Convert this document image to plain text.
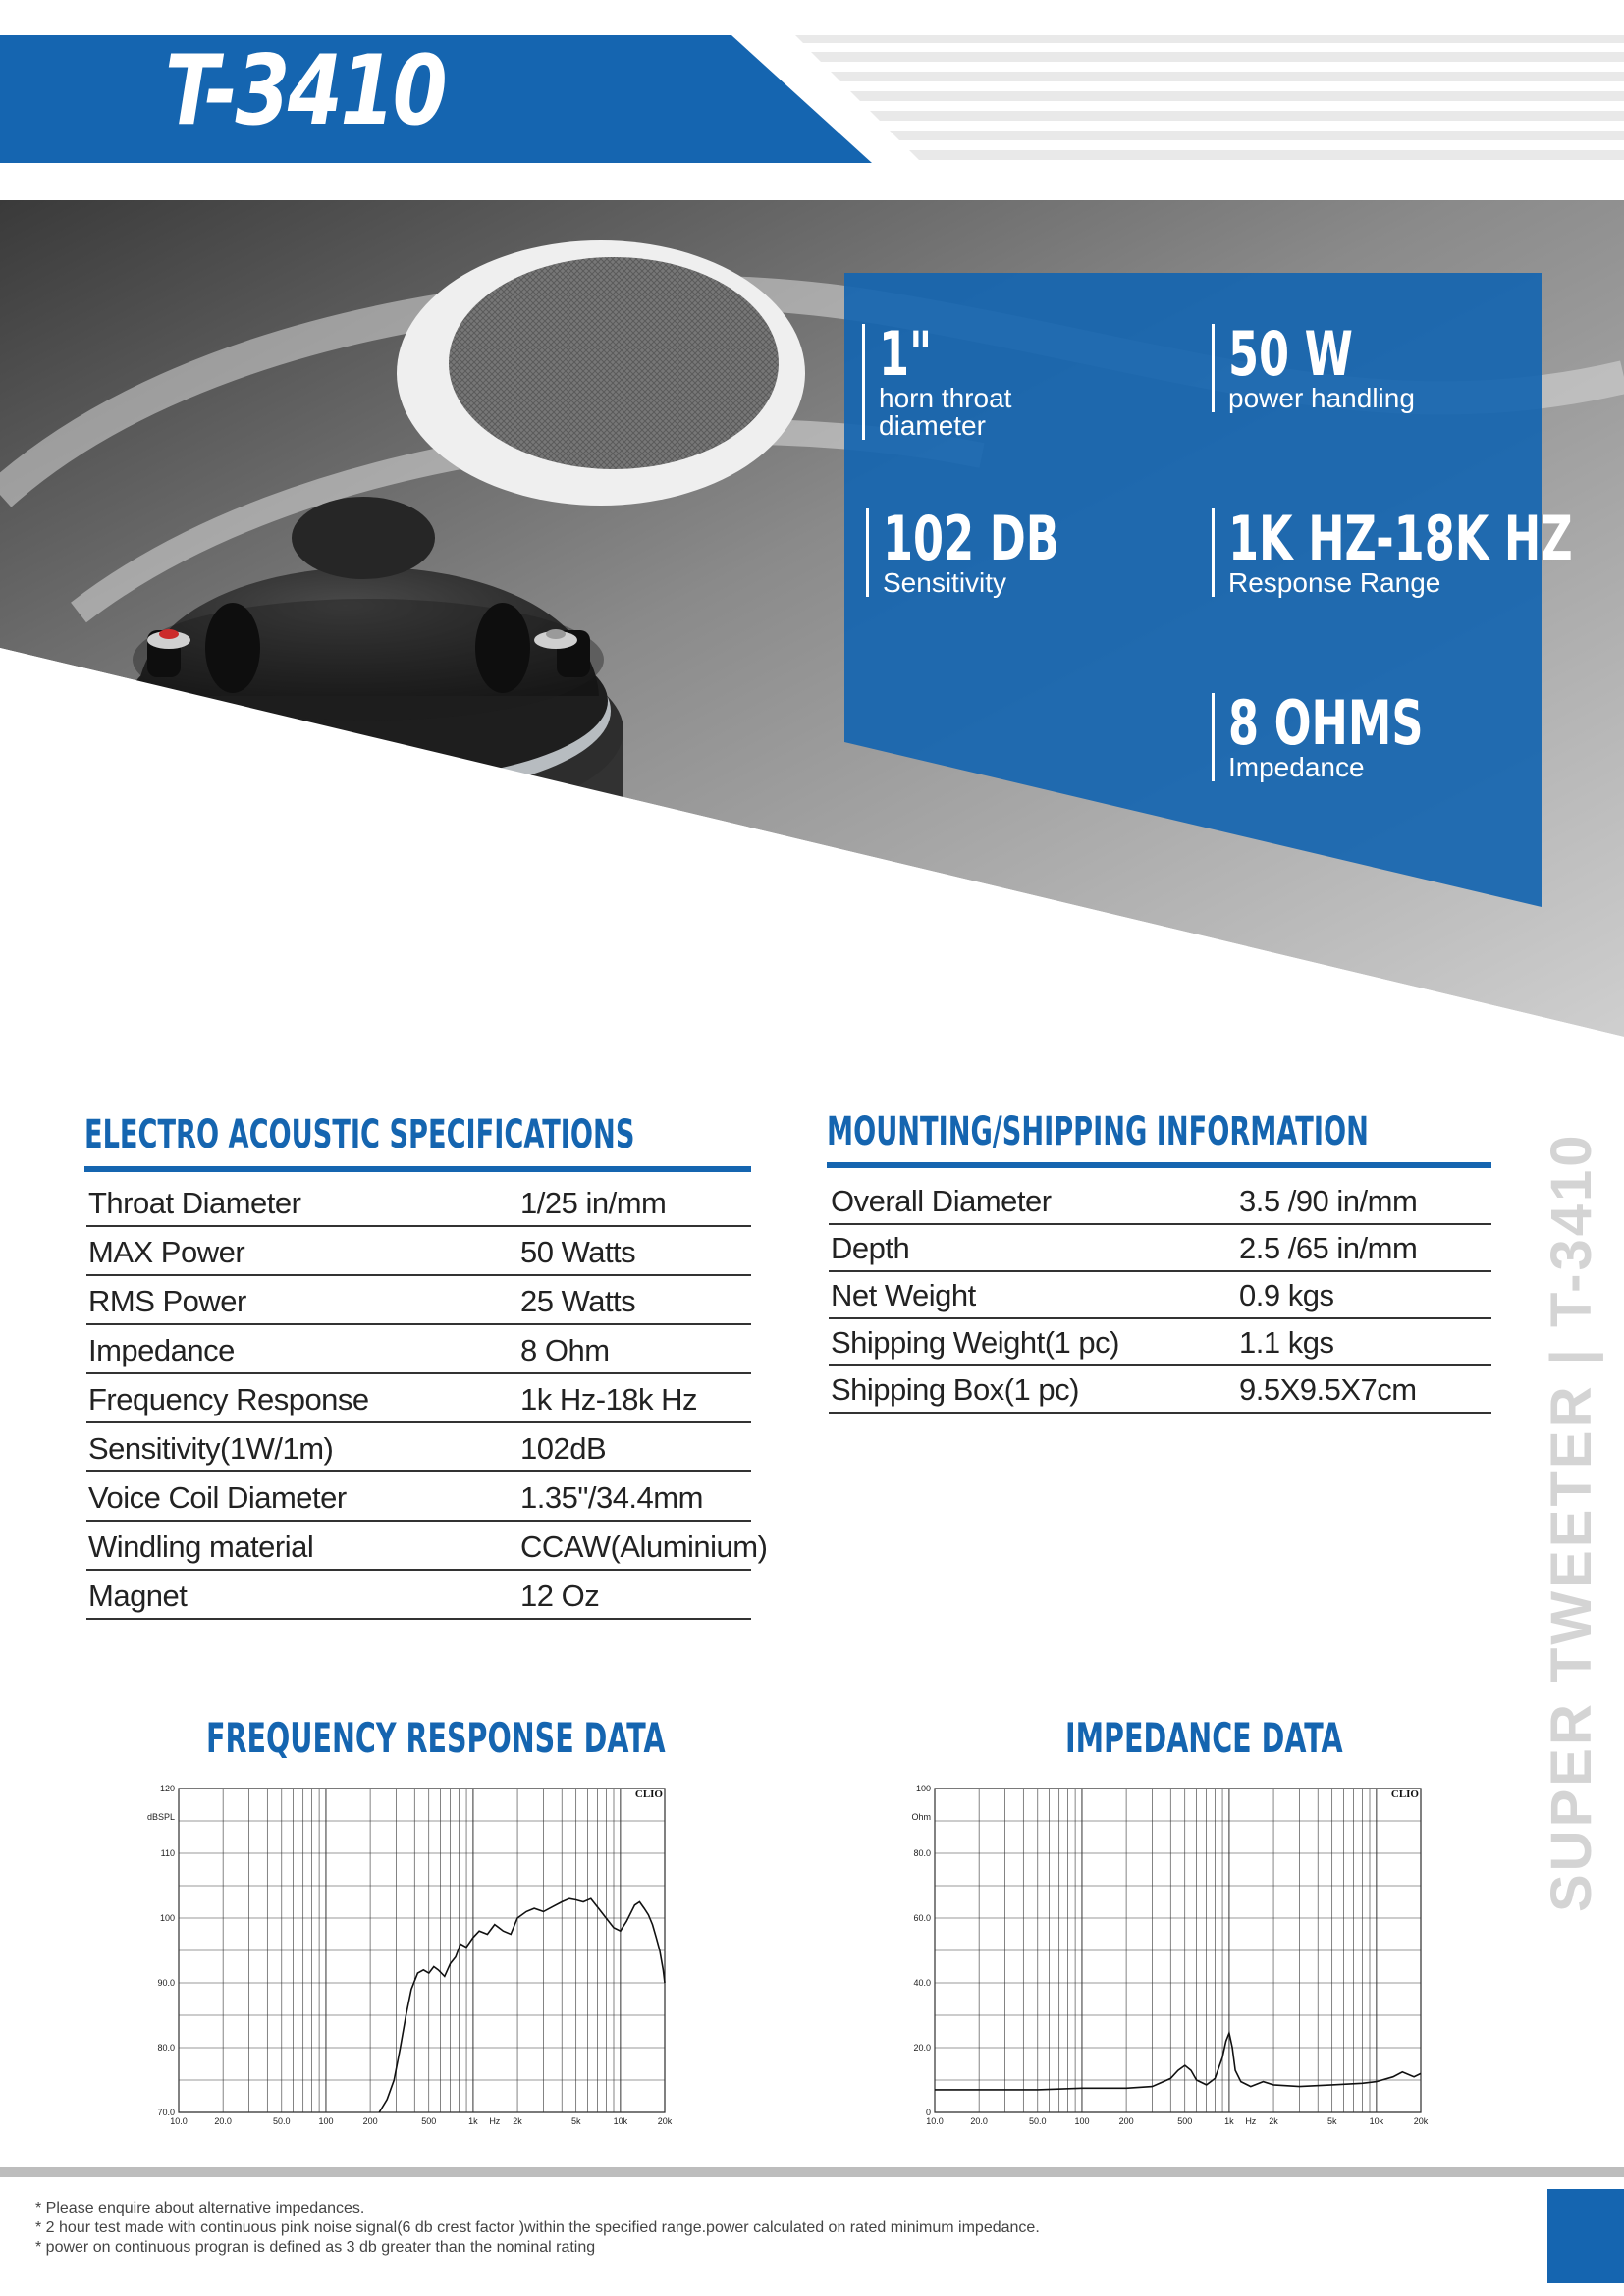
T-3410
1"
horn throat
diameter
50 W
power handling
102 DB
Sensitivity
1K HZ-18K HZ
Response Range
8 OHMS
Impedance
ELECTRO ACOUSTIC SPECIFICATIONS
Throat Diameter	1/25 in/mm
MAX Power	50 Watts
RMS Power	25 Watts
Impedance	8 Ohm
Frequency Response	1k Hz-18k Hz
Sensitivity(1W/1m)	102dB
Voice Coil Diameter	1.35"/34.4mm
Windling material	CCAW(Aluminium)
Magnet	12 Oz
MOUNTING/SHIPPING INFORMATION
Overall Diameter	3.5 /90 in/mm
Depth	2.5 /65 in/mm
Net Weight	0.9 kgs
Shipping Weight(1 pc)	1.1 kgs
Shipping Box(1 pc)	9.5X9.5X7cm
FREQUENCY RESPONSE DATA	IMPEDANCE DATA
70.0
80.0
90.0
100
110
120
dBSPL
CLIO
10.0	20.0	50.0	100	200	500	1k Hz 2k	5k	10k	20k
0
20.0
40.0
60.0
80.0
100
Ohm
CLIO
10.0	20.0	50.0	100	200	500	1k Hz 2k	5k	10k	20k
SUPER TWEETER | T-3410
* Please enquire about alternative impedances.
* 2 hour test made with continuous pink noise signal(6 db crest factor )within the specified range.power calculated on rated minimum impedance.
* power on continuous progran is defined as 3 db greater than the nominal rating
